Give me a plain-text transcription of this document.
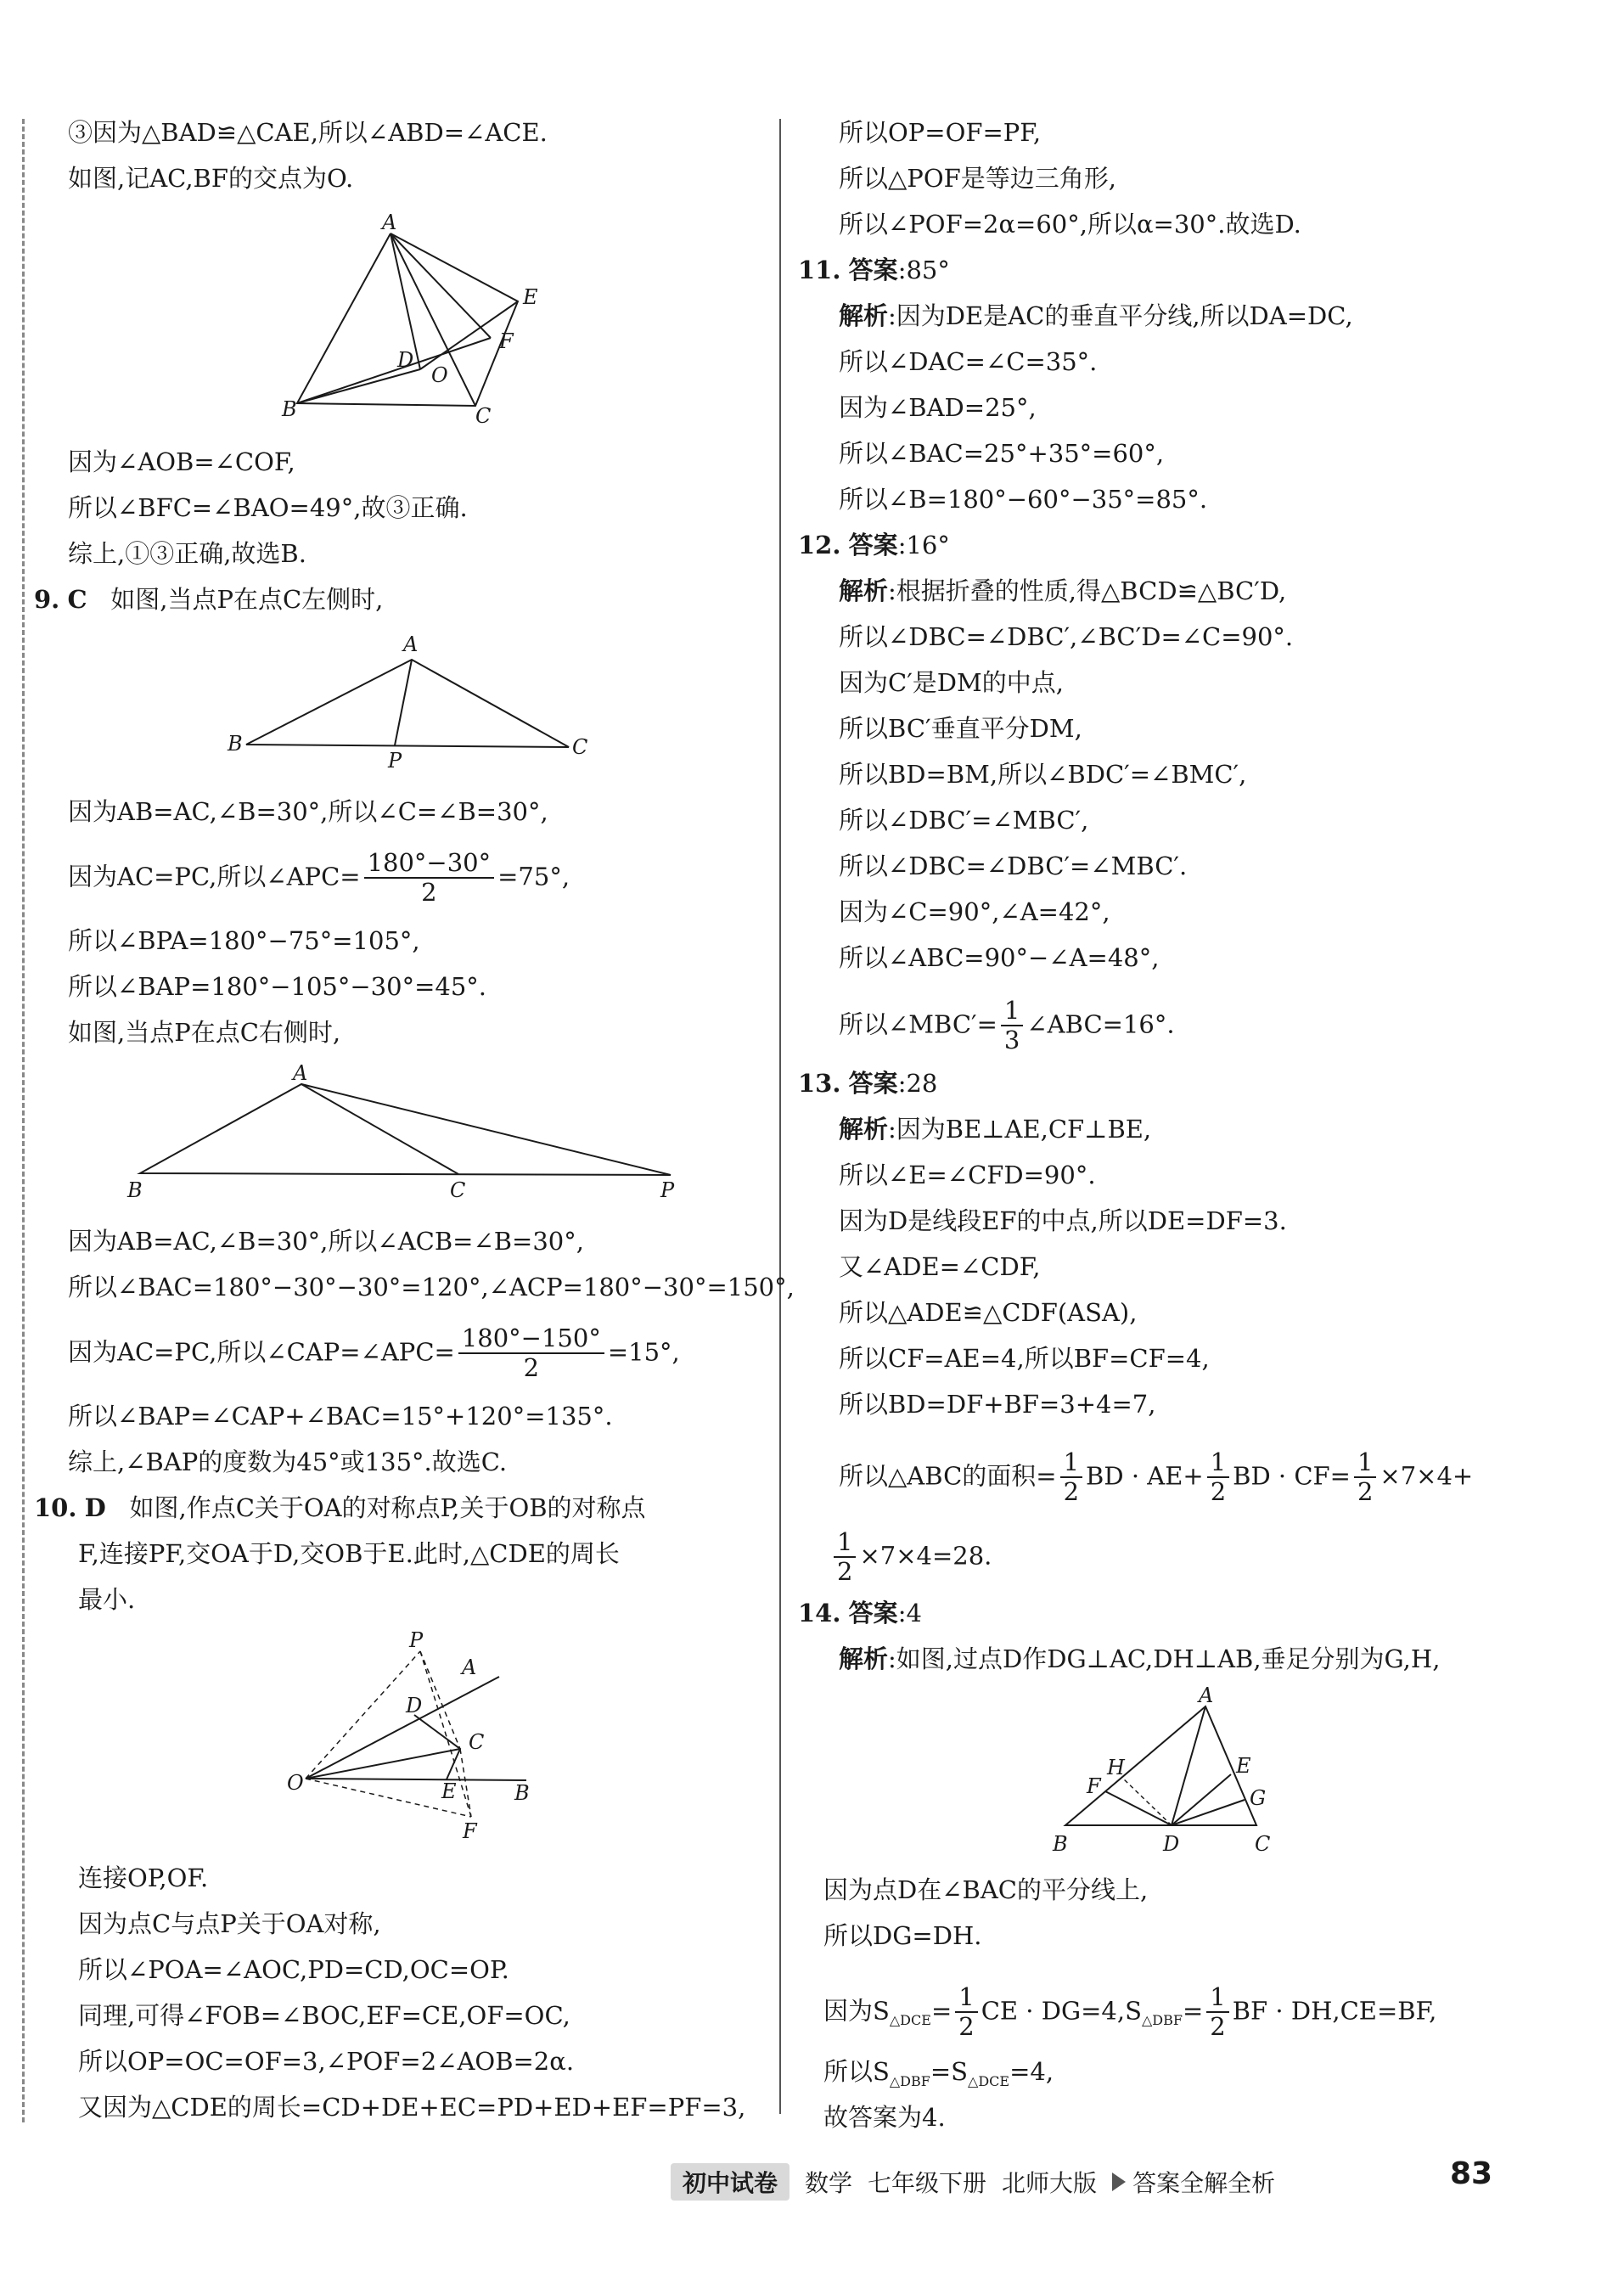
③因为△BAD≌△CAE,所以∠ABD=∠ACE.
如图,记AC,BF的交点为O.
A
E
F
D
O
B	C
因为∠AOB=∠COF,
所以∠BFC=∠BAO=49°,故③正确.
综上,①③正确,故选B.
9. C 如图,当点P在点C左侧时,
A
B
P
C
因为AB=AC,∠B=30°,所以∠C=∠B=30°,
因为AC=PC,所以∠APC= $\frac{180^\circ-30^\circ}{2} =75^\circ$,
所以∠BPA=180°−75°=105°,
所以∠BAP=180°−105°−30°=45°.
如图,当点P在点C右侧时,
A
B	C	P
因为AB=AC,∠B=30°,所以∠ACB=∠B=30°,
所以∠BAC=180°−30°−30°=120°,∠ACP=180°−30°=150°,
因为AC=PC,所以∠CAP=∠APC= $\frac{180^\circ-150^\circ}{2} =15^\circ$,
所以∠BAP=∠CAP+∠BAC=15°+120°=135°.
综上,∠BAP的度数为45°或135°.故选C.
10. D 如图,作点C关于OA的对称点P,关于OB的对称点
F,连接PF,交OA于D,交OB于E.此时,△CDE的周长
最小.
P
A
D
C
O	E	B
F
连接OP,OF.
因为点C与点P关于OA对称,
所以∠POA=∠AOC,PD=CD,OC=OP.
同理,可得∠FOB=∠BOC,EF=CE,OF=OC,
所以OP=OC=OF=3,∠POF=2∠AOB=2α.
又因为△CDE的周长=CD+DE+EC=PD+ED+EF=PF=3,
所以OP=OF=PF,
所以△POF是等边三角形,
所以∠POF=2α=60°,所以α=30°.故选D.
11. 答案:85°
解析:因为DE是AC的垂直平分线,所以DA=DC,
所以∠DAC=∠C=35°.
因为∠BAD=25°,
所以∠BAC=25°+35°=60°,
所以∠B=180°−60°−35°=85°.
12. 答案:16°
解析:根据折叠的性质,得△BCD≌△BC′D,
所以∠DBC=∠DBC′,∠BC′D=∠C=90°.
因为C′是DM的中点,
所以BC′垂直平分DM,
所以BD=BM,所以∠BDC′=∠BMC′,
所以∠DBC′=∠MBC′,
所以∠DBC=∠DBC′=∠MBC′.
因为∠C=90°,∠A=42°,
所以∠ABC=90°−∠A=48°,
所以∠MBC′= $\frac{1}{3}$ ∠ABC=16°.
13. 答案:28
解析:因为BE⊥AE,CF⊥BE,
所以∠E=∠CFD=90°.
因为D是线段EF的中点,所以DE=DF=3.
又∠ADE=∠CDF,
所以△ADE≌△CDF(ASA),
所以CF=AE=4,所以BF=CF=4,
所以BD=DF+BF=3+4=7,
所以△ABC的面积= $\frac{1}{2}$ BD · $AE+ \frac{1}{2}$ BD · $CF= \frac{1}{2} \times 7\times 4+$
$\frac{1}{2} \times 7\times 4=28$.
14. 答案:4
解析:如图,过点D作DG⊥AC,DH⊥AB,垂足分别为G,H,
A
H	E
F	G
B	D	C
因为点D在∠BAC的平分线上,
所以DG=DH.
因为$S_{\triangle DCE}= \frac{1}{2}$ CE · $DG=4,S_{\triangle DBF}= \frac{1}{2}$ BF · DH,CE=BF,
所以$S_{\triangle DBF}=S_{\triangle DCE}=4$,
故答案为4.
初中试卷	数学 七年级下册 北师大版 答案全解全析	83
